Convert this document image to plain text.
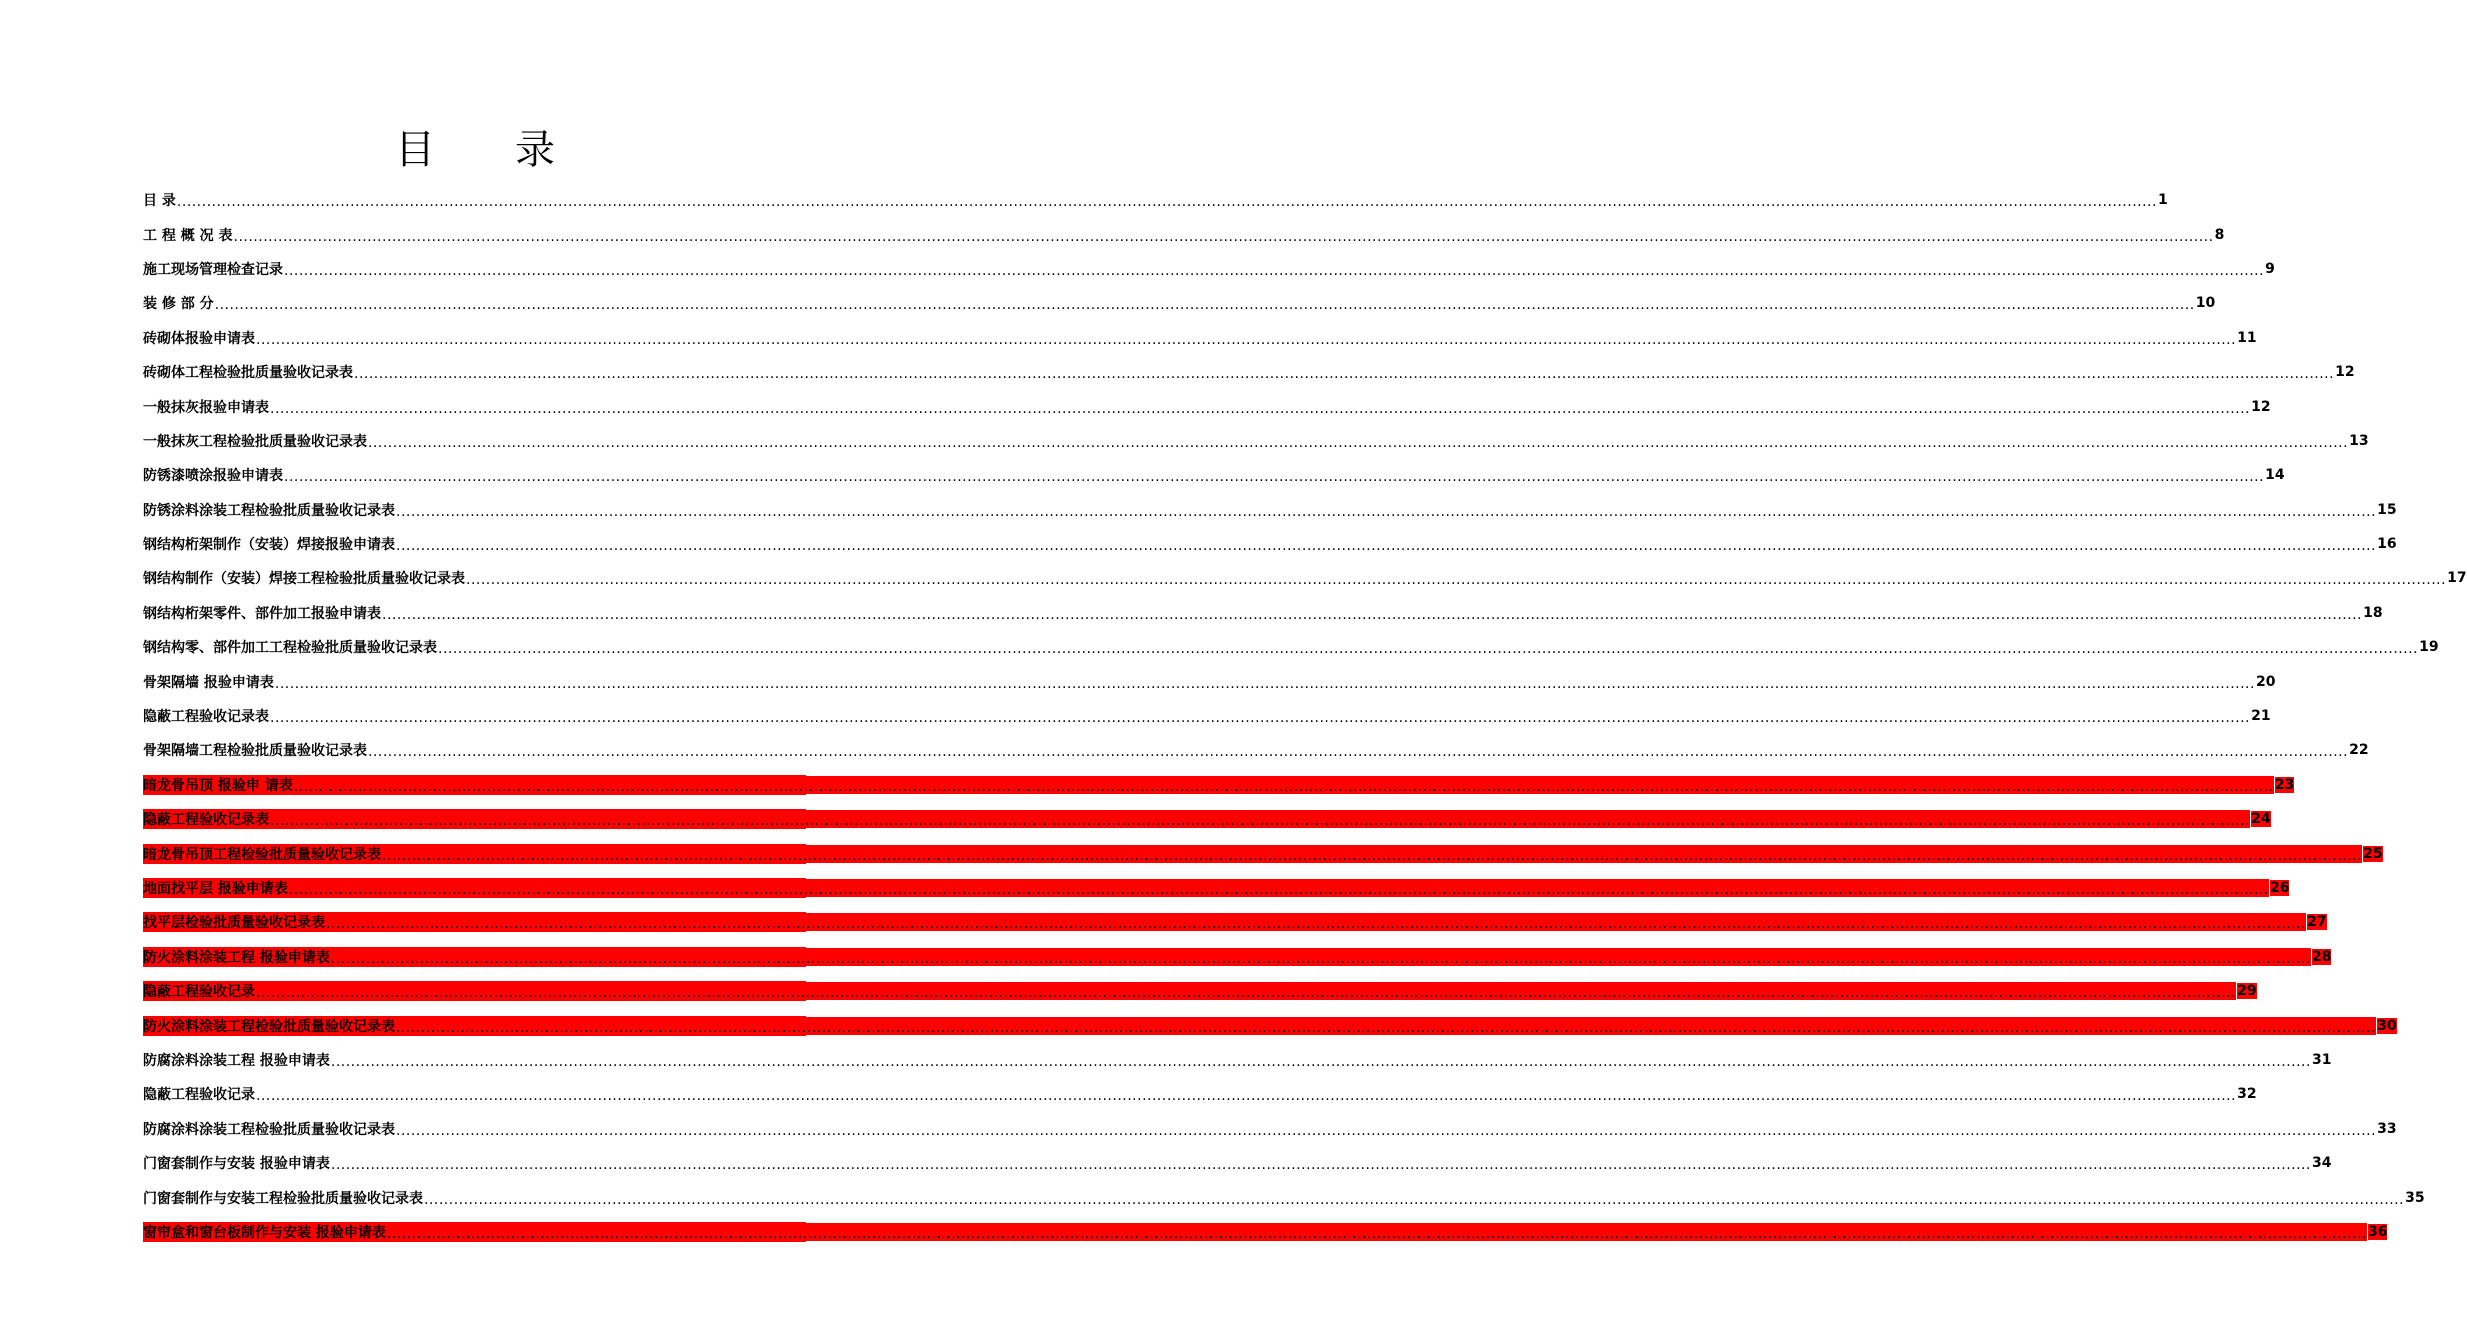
目 录
目 录 ................................................................................................................................................................................................................................................................................................................................................................................................................ 1
工 程 概 况 表 ................................................................................................................................................................................................................................................................................................................................................................................................................ 8
施工现场管理检查记录 ................................................................................................................................................................................................................................................................................................................................................................................................................ 9
装 修 部 分 ................................................................................................................................................................................................................................................................................................................................................................................................................ 10
砖砌体报验申请表 ................................................................................................................................................................................................................................................................................................................................................................................................................ 11
砖砌体工程检验批质量验收记录表 ................................................................................................................................................................................................................................................................................................................................................................................................................ 12
一般抹灰报验申请表 ................................................................................................................................................................................................................................................................................................................................................................................................................ 12
一般抹灰工程检验批质量验收记录表 ................................................................................................................................................................................................................................................................................................................................................................................................................ 13
防锈漆喷涂报验申请表 ................................................................................................................................................................................................................................................................................................................................................................................................................ 14
防锈涂料涂装工程检验批质量验收记录表 ................................................................................................................................................................................................................................................................................................................................................................................................................ 15
钢结构桁架制作（安装）焊接报验申请表 ................................................................................................................................................................................................................................................................................................................................................................................................................ 16
钢结构制作（安装）焊接工程检验批质量验收记录表 ................................................................................................................................................................................................................................................................................................................................................................................................................ 17
钢结构桁架零件、部件加工报验申请表 ................................................................................................................................................................................................................................................................................................................................................................................................................ 18
钢结构零、部件加工工程检验批质量验收记录表 ................................................................................................................................................................................................................................................................................................................................................................................................................ 19
骨架隔墙 报验申请表 ................................................................................................................................................................................................................................................................................................................................................................................................................ 20
隐蔽工程验收记录表 ................................................................................................................................................................................................................................................................................................................................................................................................................ 21
骨架隔墙工程检验批质量验收记录表 ................................................................................................................................................................................................................................................................................................................................................................................................................ 22
暗龙骨吊顶 报验申 请表 ................................................................................................................................................................................................................................................................................................................................................................................................................ 23
隐蔽工程验收记录表 ................................................................................................................................................................................................................................................................................................................................................................................................................ 24
暗龙骨吊顶工程检验批质量验收记录表 ................................................................................................................................................................................................................................................................................................................................................................................................................ 25
地面找平层 报验申请表 ................................................................................................................................................................................................................................................................................................................................................................................................................ 26
找平层检验批质量验收记录表 ................................................................................................................................................................................................................................................................................................................................................................................................................ 27
防火涂料涂装工程 报验申请表 ................................................................................................................................................................................................................................................................................................................................................................................................................ 28
隐蔽工程验收记录 ................................................................................................................................................................................................................................................................................................................................................................................................................ 29
防火涂料涂装工程检验批质量验收记录表 ................................................................................................................................................................................................................................................................................................................................................................................................................ 30
防腐涂料涂装工程 报验申请表 ................................................................................................................................................................................................................................................................................................................................................................................................................ 31
隐蔽工程验收记录 ................................................................................................................................................................................................................................................................................................................................................................................................................ 32
防腐涂料涂装工程检验批质量验收记录表 ................................................................................................................................................................................................................................................................................................................................................................................................................ 33
门窗套制作与安装 报验申请表 ................................................................................................................................................................................................................................................................................................................................................................................................................ 34
门窗套制作与安装工程检验批质量验收记录表 ................................................................................................................................................................................................................................................................................................................................................................................................................ 35
窗帘盒和窗台板制作与安装 报验申请表 ................................................................................................................................................................................................................................................................................................................................................................................................................ 36
